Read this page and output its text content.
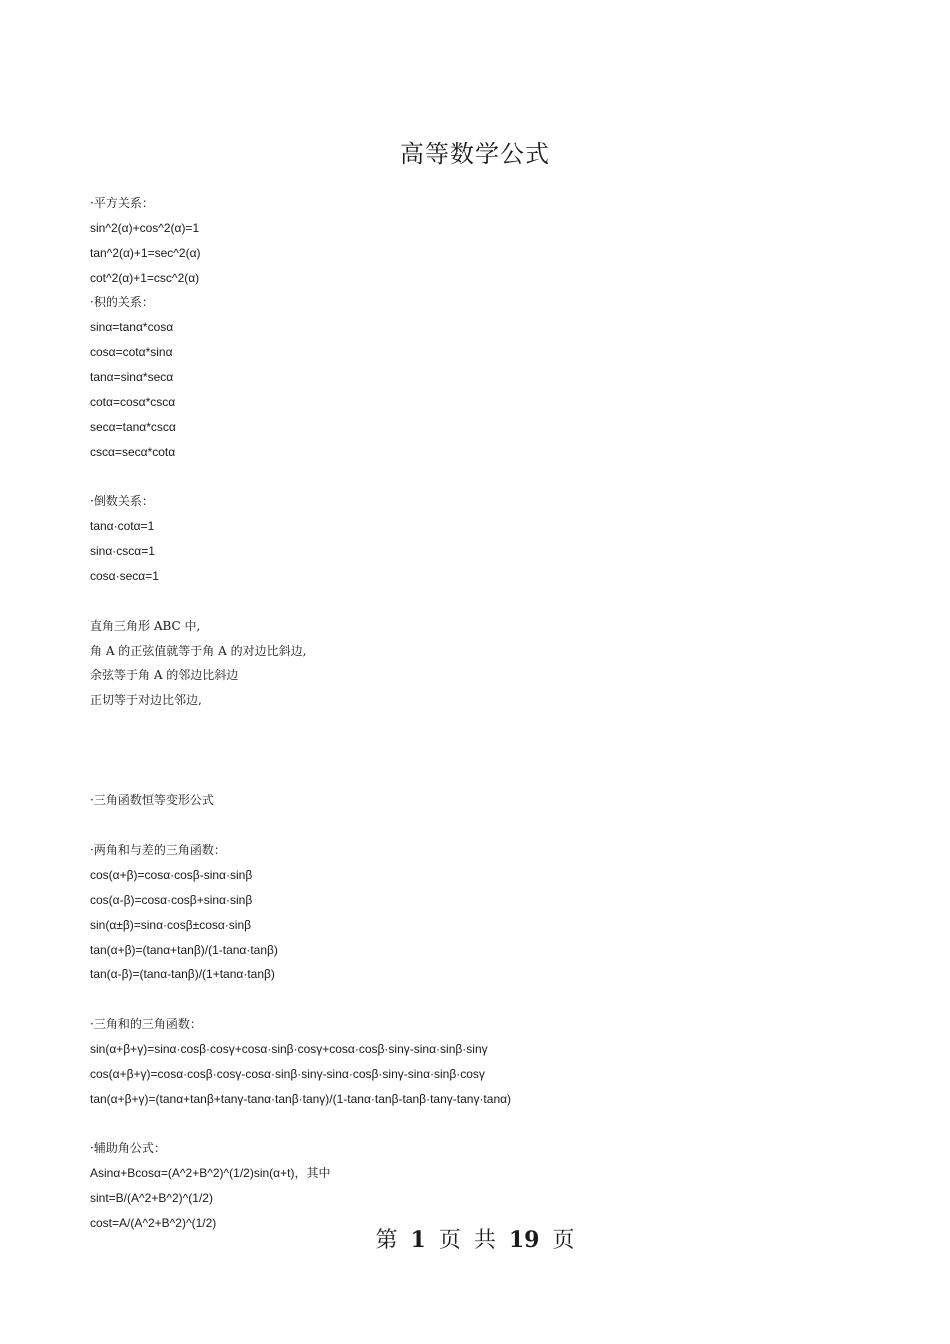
高等数学公式
·平方关系：
sin^2(α)+cos^2(α)=1
tan^2(α)+1=sec^2(α)
cot^2(α)+1=csc^2(α)
·积的关系：
sinα=tanα*cosα
cosα=cotα*sinα
tanα=sinα*secα
cotα=cosα*cscα
secα=tanα*cscα
cscα=secα*cotα
·倒数关系：
tanα·cotα=1
sinα·cscα=1
cosα·secα=1
直角三角形 ABC 中,
角 A 的正弦值就等于角 A 的对边比斜边,
余弦等于角 A 的邻边比斜边
正切等于对边比邻边,
·三角函数恒等变形公式
·两角和与差的三角函数：
cos(α+β)=cosα·cosβ-sinα·sinβ
cos(α-β)=cosα·cosβ+sinα·sinβ
sin(α±β)=sinα·cosβ±cosα·sinβ
tan(α+β)=(tanα+tanβ)/(1-tanα·tanβ)
tan(α-β)=(tanα-tanβ)/(1+tanα·tanβ)
·三角和的三角函数：
sin(α+β+γ)=sinα·cosβ·cosγ+cosα·sinβ·cosγ+cosα·cosβ·sinγ-sinα·sinβ·sinγ
cos(α+β+γ)=cosα·cosβ·cosγ-cosα·sinβ·sinγ-sinα·cosβ·sinγ-sinα·sinβ·cosγ
tan(α+β+γ)=(tanα+tanβ+tanγ-tanα·tanβ·tanγ)/(1-tanα·tanβ-tanβ·tanγ-tanγ·tanα)
·辅助角公式：
Asinα+Bcosα=(A^2+B^2)^(1/2)sin(α+t)，其中
sint=B/(A^2+B^2)^(1/2)
cost=A/(A^2+B^2)^(1/2)
第 1 页 共 19 页
